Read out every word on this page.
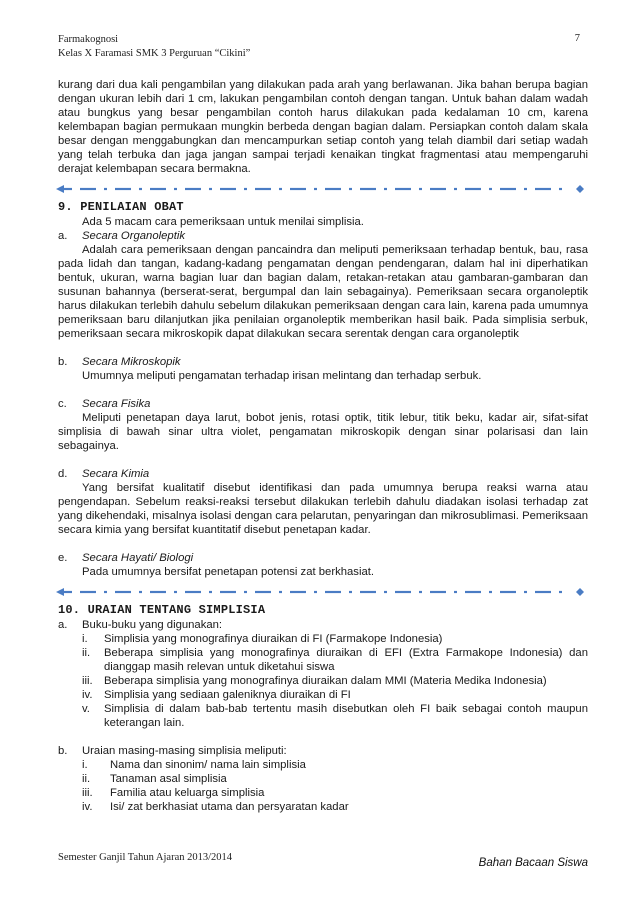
Farmakognosi
Kelas X Faramasi SMK 3 Perguruan “Cikini”
7

kurang dari dua kali pengambilan yang dilakukan pada arah yang berlawanan. Jika bahan berupa bagian dengan ukuran lebih dari 1 cm, lakukan pengambilan contoh dengan tangan. Untuk bahan dalam wadah atau bungkus yang besar pengambilan contoh harus dilakukan pada kedalaman 10 cm, karena kelembapan bagian permukaan mungkin berbeda dengan bagian dalam. Persiapkan contoh dalam skala besar dengan menggabungkan dan mencampurkan setiap contoh yang telah diambil dari setiap wadah yang telah terbuka dan jaga jangan sampai terjadi kenaikan tingkat fragmentasi atau mempengaruhi derajat kelembapan secara bermakna.

9. PENILAIAN OBAT
Ada 5 macam cara pemeriksaan untuk menilai simplisia.
a.	Secara Organoleptik

Adalah cara pemeriksaan dengan pancaindra dan meliputi pemeriksaan terhadap bentuk, bau, rasa pada lidah dan tangan, kadang-kadang pengamatan dengan pendengaran, dalam hal ini diperhatikan bentuk, ukuran, warna bagian luar dan bagian dalam, retakan-retakan atau gambaran-gambaran dan susunan bahannya (berserat-serat, bergumpal dan lain sebagainya). Pemeriksaan secara organoleptik harus dilakukan terlebih dahulu sebelum dilakukan pemeriksaan dengan cara lain, karena pada umumnya pemeriksaan baru dilanjutkan jika penilaian organoleptik memberikan hasil baik. Pada simplisia serbuk, pemeriksaan secara mikroskopik dapat dilakukan secara serentak dengan cara organoleptik

b.	Secara Mikroskopik
Umumnya meliputi pengamatan terhadap irisan melintang dan terhadap serbuk.
c.	Secara Fisika

Meliputi penetapan daya larut, bobot jenis, rotasi optik, titik lebur, titik beku, kadar air, sifat-sifat simplisia di bawah sinar ultra violet, pengamatan mikroskopik dengan sinar polarisasi dan lain sebagainya.

d.	Secara Kimia

Yang bersifat kualitatif disebut identifikasi dan pada umumnya berupa reaksi warna atau pengendapan. Sebelum reaksi-reaksi tersebut dilakukan terlebih dahulu diadakan isolasi terhadap zat yang dikehendaki, misalnya isolasi dengan cara pelarutan, penyaringan dan mikrosublimasi. Pemeriksaan secara kimia yang bersifat kuantitatif disebut penetapan kadar.

e.	Secara Hayati/ Biologi
Pada umumnya bersifat penetapan potensi zat berkhasiat.
10. URAIAN TENTANG SIMPLISIA
a.	Buku-buku yang digunakan:
i.	Simplisia yang monografinya diuraikan di FI (Farmakope Indonesia)
ii.	Beberapa simplisia yang monografinya diuraikan di EFI (Extra Farmakope Indonesia) dan dianggap masih relevan untuk diketahui siswa
iii.	Beberapa simplisia yang monografinya diuraikan dalam MMI (Materia Medika Indonesia)
iv.	Simplisia yang sediaan galeniknya diuraikan di FI
v.	Simplisia di dalam bab-bab tertentu masih disebutkan oleh FI baik sebagai contoh maupun keterangan lain.
b.	Uraian masing-masing simplisia meliputi:
i.	Nama dan sinonim/ nama lain simplisia
ii.	Tanaman asal simplisia
iii.	Familia atau keluarga simplisia
iv.	Isi/ zat berkhasiat utama dan persyaratan kadar
Semester Ganjil Tahun Ajaran 2013/2014	Bahan Bacaan Siswa
